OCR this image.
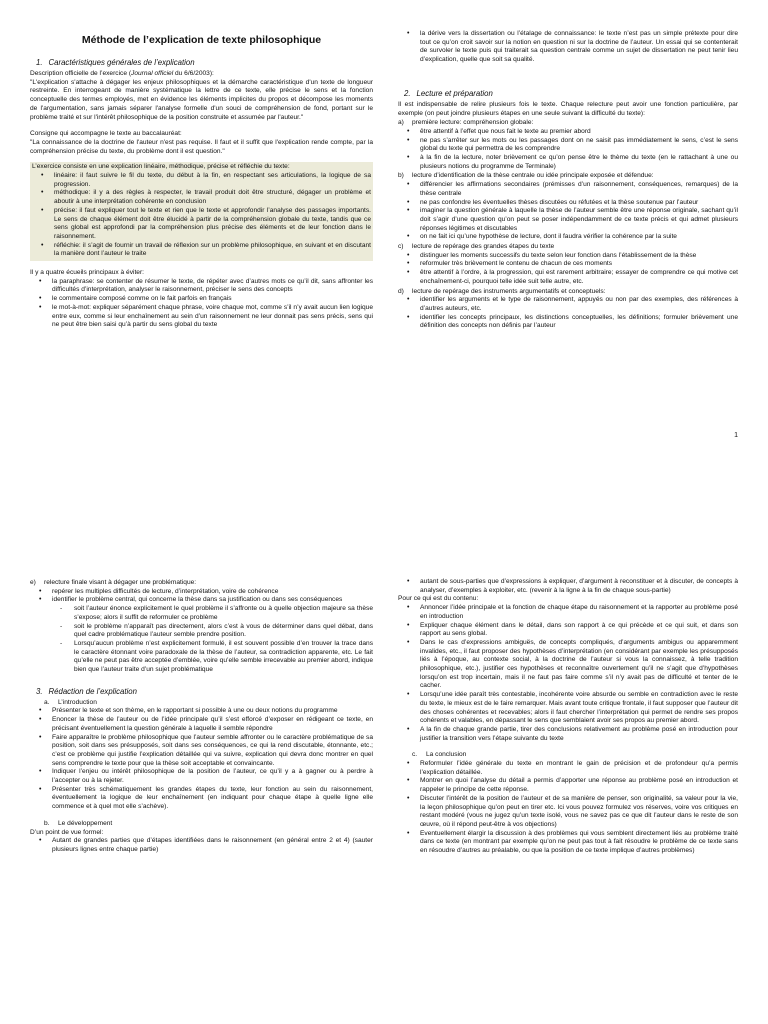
Méthode de l’explication de texte philosophique
1. Caractéristiques générales de l’explication

Description officielle de l’exercice (Journal officiel du 6/6/2003):

"L'explication s'attache à dégager les enjeux philosophiques et la démarche caractéristique d'un texte de longueur restreinte. En interrogeant de manière systématique la lettre de ce texte, elle précise le sens et la fonction conceptuelle des termes employés, met en évidence les éléments implicites du propos et décompose les moments de l'argumentation, sans jamais séparer l'analyse formelle d'un souci de compréhension de fond, portant sur le problème traité et sur l'intérêt philosophique de la position construite et assumée par l'auteur."

Consigne qui accompagne le texte au baccalauréat:

"La connaissance de la doctrine de l'auteur n'est pas requise. Il faut et il suffit que l'explication rende compte, par la compréhension précise du texte, du problème dont il est question."

L’exercice consiste en une explication linéaire, méthodique, précise et réfléchie du texte:

• linéaire: il faut suivre le fil du texte, du début à la fin, en respectant ses articulations, la logique de sa progression.
• méthodique: il y a des règles à respecter, le travail produit doit être structuré, dégager un problème et aboutir à une interprétation cohérente en conclusion
• précise: il faut expliquer tout le texte et rien que le texte et approfondir l’analyse des passages importants. Le sens de chaque élément doit être élucidé à partir de la compréhension globale du texte, tandis que ce sens global est approfondi par la compréhension plus précise des éléments et de leur fonction dans le raisonnement.
• réfléchie: il s’agit de fournir un travail de réflexion sur un problème philosophique, en suivant et en discutant la manière dont l’auteur le traite

Il y a quatre écueils principaux à éviter:

• la paraphrase: se contenter de résumer le texte, de répéter avec d’autres mots ce qu’il dit, sans affronter les difficultés d’interprétation, analyser le raisonnement, préciser le sens des concepts
• le commentaire composé comme on le fait parfois en français
• le mot-à-mot: expliquer séparément chaque phrase, voire chaque mot, comme s’il n’y avait aucun lien logique entre eux, comme si leur enchaînement au sein d’un raisonnement ne leur donnait pas sens précis, sens qui ne peut être bien saisi qu’à partir du sens global du texte
• la dérive vers la dissertation ou l’étalage de connaissance: le texte n’est pas un simple prétexte pour dire tout ce qu’on croit savoir sur la notion en question ni sur la doctrine de l’auteur. Un essai qui se contenterait de survoler le texte puis qui traiterait sa question centrale comme un sujet de dissertation ne peut tenir lieu d’explication, quelle que soit sa qualité.
2. Lecture et préparation

Il est indispensable de relire plusieurs fois le texte. Chaque relecture peut avoir une fonction particulière, par exemple (on peut joindre plusieurs étapes en une seule suivant la difficulté du texte):

a) première lecture: compréhension globale:
• être attentif à l’effet que nous fait le texte au premier abord
• ne pas s’arrêter sur les mots ou les passages dont on ne saisit pas immédiatement le sens, c’est le sens global du texte qui permettra de les comprendre
• à la fin de la lecture, noter brièvement ce qu’on pense être le thème du texte (en le rattachant à une ou plusieurs notions du programme de Terminale)
b) lecture d’identification de la thèse centrale ou idée principale exposée et défendue:
• différencier les affirmations secondaires (prémisses d’un raisonnement, conséquences, remarques) de la thèse centrale
• ne pas confondre les éventuelles thèses discutées ou réfutées et la thèse soutenue par l’auteur
• imaginer la question générale à laquelle la thèse de l’auteur semble être une réponse originale, sachant qu’il doit s’agir d’une question qu’on peut se poser indépendamment de ce texte précis et qui admet plusieurs réponses légitimes et discutables
• on ne fait ici qu’une hypothèse de lecture, dont il faudra vérifier la cohérence par la suite
c) lecture de repérage des grandes étapes du texte
• distinguer les moments successifs du texte selon leur fonction dans l’établissement de la thèse
• reformuler très brièvement le contenu de chacun de ces moments
• être attentif à l’ordre, à la progression, qui est rarement arbitraire; essayer de comprendre ce qui motive cet enchaînement-ci, pourquoi telle idée suit telle autre, etc.
d) lecture de repérage des instruments argumentatifs et conceptuels:
• identifier les arguments et le type de raisonnement, appuyés ou non par des exemples, des références à d’autres auteurs, etc.
• identifier les concepts principaux, les distinctions conceptuelles, les définitions; formuler brièvement une définition des concepts non définis par l’auteur
1
e) relecture finale visant à dégager une problématique:
• repérer les multiples difficultés de lecture, d’interprétation, voire de cohérence
• identifier le problème central, qui concerne la thèse dans sa justification ou dans ses conséquences
- soit l’auteur énonce explicitement le quel problème il s’affronte ou à quelle objection majeure sa thèse s’expose; alors il suffit de reformuler ce problème
- soit le problème n’apparaît pas directement, alors c’est à vous de déterminer dans quel débat, dans quel cadre problématique l’auteur semble prendre position.
- Lorsqu’aucun problème n’est explicitement formulé, il est souvent possible d’en trouver la trace dans le caractère étonnant voire paradoxale de la thèse de l’auteur, sa contradiction apparente, etc. Le fait qu’elle ne peut pas être acceptée d’emblée, voire qu’elle semble irrecevable au premier abord, indique bien que l’auteur traite d’un sujet problématique
3. Rédaction de l’explication
a. L’introduction
• Présenter le texte et son thème, en le rapportant si possible à une ou deux notions du programme
• Enoncer la thèse de l’auteur ou de l’idée principale qu’il s’est efforcé d’exposer en rédigeant ce texte, en précisant éventuellement la question générale à laquelle il semble répondre
• Faire apparaître le problème philosophique que l’auteur semble affronter ou le caractère problématique de sa position, soit dans ses présupposés, soit dans ses conséquences, ce qui la rend discutable, étonnante, etc.; c’est ce problème qui justifie l’explication détaillée qui va suivre, explication qui devra donc montrer en quel sens comprendre le texte pour que la thèse soit acceptable et convaincante.
• Indiquer l’enjeu ou intérêt philosophique de la position de l’auteur, ce qu’il y a à gagner ou à perdre à l’accepter ou à la rejeter.
• Présenter très schématiquement les grandes étapes du texte, leur fonction au sein du raisonnement, éventuellement la logique de leur enchaînement (en indiquant pour chaque étape à quelle ligne elle commence et à quel mot elle s’achève).
b. Le développement

D’un point de vue formel:

• Autant de grandes parties que d’étapes identifiées dans le raisonnement (en général entre 2 et 4) (sauter plusieurs lignes entre chaque partie)
• autant de sous-parties que d’expressions à expliquer, d’argument à reconstituer et à discuter, de concepts à analyser, d’exemples à exploiter, etc. (revenir à la ligne à la fin de chaque sous-partie)

Pour ce qui est du contenu:

• Annoncer l’idée principale et la fonction de chaque étape du raisonnement et la rapporter au problème posé en introduction
• Expliquer chaque élément dans le détail, dans son rapport à ce qui précède et ce qui suit, et dans son rapport au sens global.
• Dans le cas d’expressions ambiguës, de concepts compliqués, d’arguments ambigus ou apparemment invalides, etc., il faut proposer des hypothèses d’interprétation (en considérant par exemple les présupposés liés à l’époque, au contexte social, à la doctrine de l’auteur si vous la connaissez, à telle tradition philosophique, etc.), justifier ces hypothèses et reconnaître ouvertement qu’il ne s’agit que d’hypothèses lorsqu’on est trop incertain, mais il ne faut pas faire comme s’il n’y avait pas de difficulté et tenter de le cacher.
• Lorsqu’une idée paraît très contestable, incohérente voire absurde ou semble en contradiction avec le reste du texte, le mieux est de le faire remarquer. Mais avant toute critique frontale, il faut supposer que l’auteur dit des choses cohérentes et recevables; alors il faut chercher l’interprétation qui permet de rendre ses propos cohérents et valables, en dépassant le sens que semblaient avoir ses propos au premier abord.
• A la fin de chaque grande partie, tirer des conclusions relativement au problème posé en introduction pour justifier la transition vers l’étape suivante du texte
c. La conclusion
• Reformuler l’idée générale du texte en montrant le gain de précision et de profondeur qu’a permis l’explication détaillée.
• Montrer en quoi l’analyse du détail a permis d’apporter une réponse au problème posé en introduction et rappeler le principe de cette réponse.
• Discuter l’intérêt de la position de l’auteur et de sa manière de penser, son originalité, sa valeur pour la vie, la leçon philosophique qu’on peut en tirer etc. Ici vous pouvez formulez vos réserves, voire vos critiques en restant modéré (vous ne jugez qu’un texte isolé, vous ne savez pas ce que dit l’auteur dans le reste de son œuvre, où il répond peut-être à vos objections)
• Eventuellement élargir la discussion à des problèmes qui vous semblent directement liés au problème traité dans ce texte (en montrant par exemple qu’on ne peut pas tout à fait résoudre le problème de ce texte sans en résoudre d’autres au préalable, ou que la position de ce texte implique d’autres problèmes)
